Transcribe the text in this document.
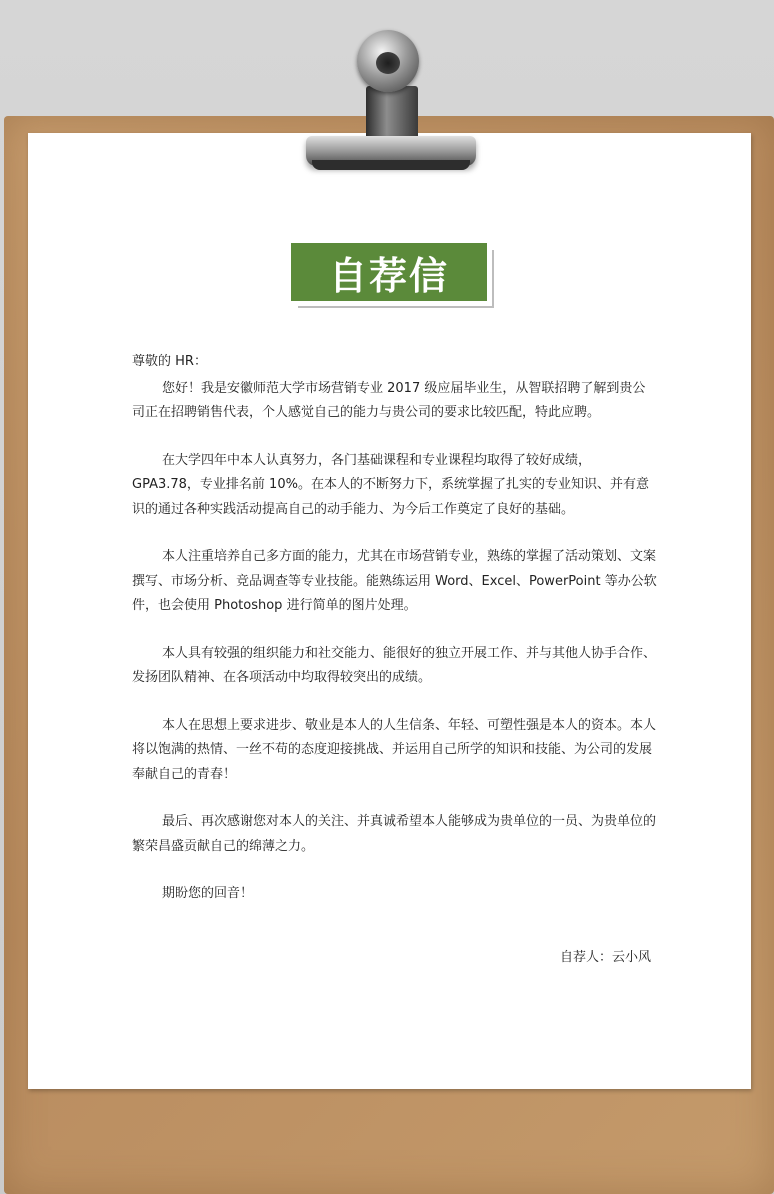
自荐信

尊敬的 HR：

您好！我是安徽师范大学市场营销专业 2017 级应届毕业生，从智联招聘了解到贵公司正在招聘销售代表，个人感觉自己的能力与贵公司的要求比较匹配，特此应聘。

在大学四年中本人认真努力，各门基础课程和专业课程均取得了较好成绩，GPA3.78，专业排名前 10%。在本人的不断努力下，系统掌握了扎实的专业知识、并有意识的通过各种实践活动提高自己的动手能力、为今后工作奠定了良好的基础。

本人注重培养自己多方面的能力，尤其在市场营销专业，熟练的掌握了活动策划、文案撰写、市场分析、竞品调查等专业技能。能熟练运用 Word、Excel、PowerPoint 等办公软件，也会使用 Photoshop 进行简单的图片处理。

本人具有较强的组织能力和社交能力、能很好的独立开展工作、并与其他人协手合作、发扬团队精神、在各项活动中均取得较突出的成绩。

本人在思想上要求进步、敬业是本人的人生信条、年轻、可塑性强是本人的资本。本人将以饱满的热情、一丝不苟的态度迎接挑战、并运用自己所学的知识和技能、为公司的发展奉献自己的青春！

最后、再次感谢您对本人的关注、并真诚希望本人能够成为贵单位的一员、为贵单位的繁荣昌盛贡献自己的绵薄之力。

期盼您的回音！

自荐人：云小风
